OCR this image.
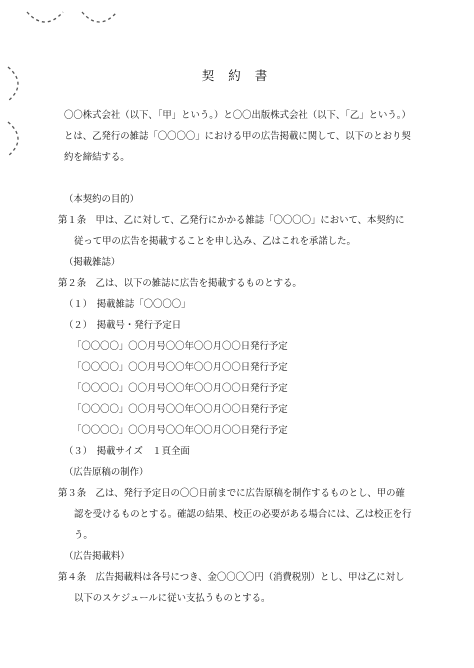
契 約 書
〇〇株式会社（以下、「甲」という。）と〇〇出版株式会社（以下、「乙」という。）
とは、乙発行の雑誌「〇〇〇〇」における甲の広告掲載に関して、以下のとおり契
約を締結する。
（本契約の目的）
第１条　甲は、乙に対して、乙発行にかかる雑誌「〇〇〇〇」において、本契約に
従って甲の広告を掲載することを申し込み、乙はこれを承諾した。
（掲載雑誌）
第２条　乙は、以下の雑誌に広告を掲載するものとする。
（１）　掲載雑誌「〇〇〇〇」
（２）　掲載号・発行予定日
「〇〇〇〇」〇〇月号〇〇年〇〇月〇〇日発行予定
「〇〇〇〇」〇〇月号〇〇年〇〇月〇〇日発行予定
「〇〇〇〇」〇〇月号〇〇年〇〇月〇〇日発行予定
「〇〇〇〇」〇〇月号〇〇年〇〇月〇〇日発行予定
「〇〇〇〇」〇〇月号〇〇年〇〇月〇〇日発行予定
（３）　掲載サイズ　１頁全面
（広告原稿の制作）
第３条　乙は、発行予定日の〇〇日前までに広告原稿を制作するものとし、甲の確
認を受けるものとする。確認の結果、校正の必要がある場合には、乙は校正を行
う。
（広告掲載料）
第４条　広告掲載料は各号につき、金〇〇〇〇円（消費税別）とし、甲は乙に対し
以下のスケジュールに従い支払うものとする。
